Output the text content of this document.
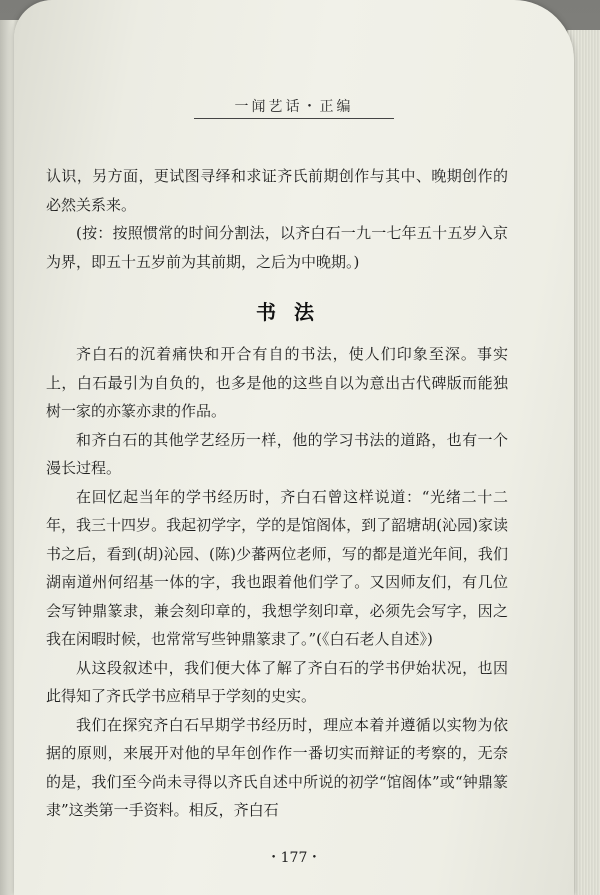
一闻艺话・正编

认识，另方面，更试图寻绎和求证齐氏前期创作与其中、晚期创作的必然关系来。

(按：按照惯常的时间分割法，以齐白石一九一七年五十五岁入京为界，即五十五岁前为其前期，之后为中晚期。)

书法

齐白石的沉着痛快和开合有自的书法，使人们印象至深。事实上，白石最引为自负的，也多是他的这些自以为意出古代碑版而能独树一家的亦篆亦隶的作品。

和齐白石的其他学艺经历一样，他的学习书法的道路，也有一个漫长过程。

在回忆起当年的学书经历时，齐白石曾这样说道：“光绪二十二年，我三十四岁。我起初学字，学的是馆阁体，到了韶塘胡(沁园)家读书之后，看到(胡)沁园、(陈)少蕃两位老师，写的都是道光年间，我们湖南道州何绍基一体的字，我也跟着他们学了。又因师友们，有几位会写钟鼎篆隶，兼会刻印章的，我想学刻印章，必须先会写字，因之我在闲暇时候，也常常写些钟鼎篆隶了。”(《白石老人自述》)

从这段叙述中，我们便大体了解了齐白石的学书伊始状况，也因此得知了齐氏学书应稍早于学刻的史实。

我们在探究齐白石早期学书经历时，理应本着并遵循以实物为依据的原则，来展开对他的早年创作作一番切实而辩证的考察的，无奈的是，我们至今尚未寻得以齐氏自述中所说的初学“馆阁体”或“钟鼎篆隶”这类第一手资料。相反，齐白石

・177・
